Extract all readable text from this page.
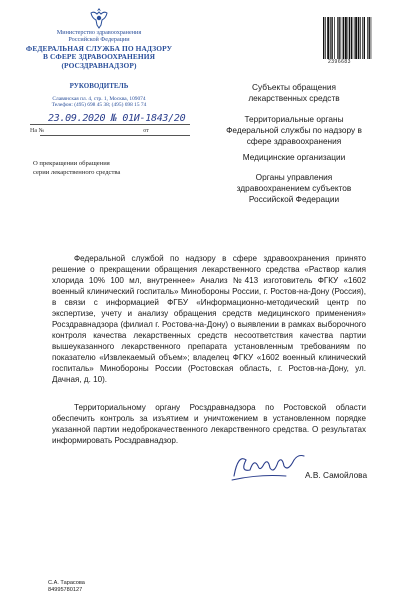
Министерство здравоохранения
Российской Федерации
ФЕДЕРАЛЬНАЯ СЛУЖБА ПО НАДЗОРУ
В СФЕРЕ ЗДРАВООХРАНЕНИЯ
(РОСЗДРАВНАДЗОР)
РУКОВОДИТЕЛЬ
Славянская пл. 4, стр. 1, Москва, 109074
Телефон: (495) 698 45 38; (495) 698 15 74
23.09.2020 № 01И-1843/20
На №	от
О прекращении обращения
серии лекарственного средства
2396683
Субъекты обращения
лекарственных средств
Территориальные органы
Федеральной службы по надзору в
сфере здравоохранения
Медицинские организации
Органы управления
здравоохранением субъектов
Российской Федерации

Федеральной службой по надзору в сфере здравоохранения принято решение о прекращении обращения лекарственного средства «Раствор калия хлорида 10% 100 мл, внутреннее» Анализ №413 изготовитель ФГКУ «1602 военный клинический госпиталь» Минобороны России, г. Ростов-на-Дону (Россия), в связи с информацией ФГБУ «Информационно-методический центр по экспертизе, учету и анализу обращения средств медицинского применения» Росздравнадзора (филиал г. Ростова-на-Дону) о выявлении в рамках выборочного контроля качества лекарственных средств несоответствия качества партии вышеуказанного лекарственного препарата установленным требованиям по показателю «Извлекаемый объем»; владелец ФГКУ «1602 военный клинический госпиталь» Минобороны России (Ростовская область, г. Ростов-на-Дону, ул. Дачная, д. 10).

Территориальному органу Росздравнадзора по Ростовской области обеспечить контроль за изъятием и уничтожением в установленном порядке указанной партии недоброкачественного лекарственного средства. О результатах информировать Росздравнадзор.

А.В. Самойлова
С.А. Тарасова
84995780127
